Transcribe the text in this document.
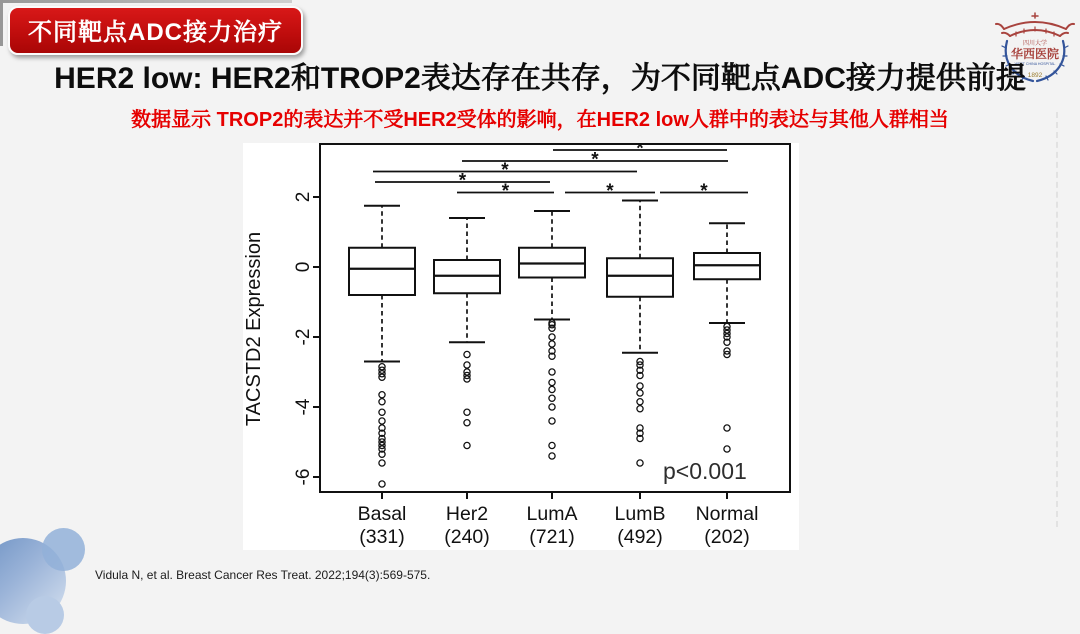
不同靶点ADC接力治疗	四川大学
华西医院
WEST CHINA HOSPITAL
1892
HER2 low: HER2和TROP2表达存在共存，为不同靶点ADC接力提供前提
数据显示 TROP2的表达并不受HER2受体的影响，在HER2 low人群中的表达与其他人群相当
2
0
-2
-4
-6
TACSTD2 Expression
Basal
(331)
Her2
(240)
LumA
(721)
LumB
(492)
Normal
(202)
*
*
*
* *	*	*
p<0.001
Vidula N, et al. Breast Cancer Res Treat. 2022;194(3):569-575.
